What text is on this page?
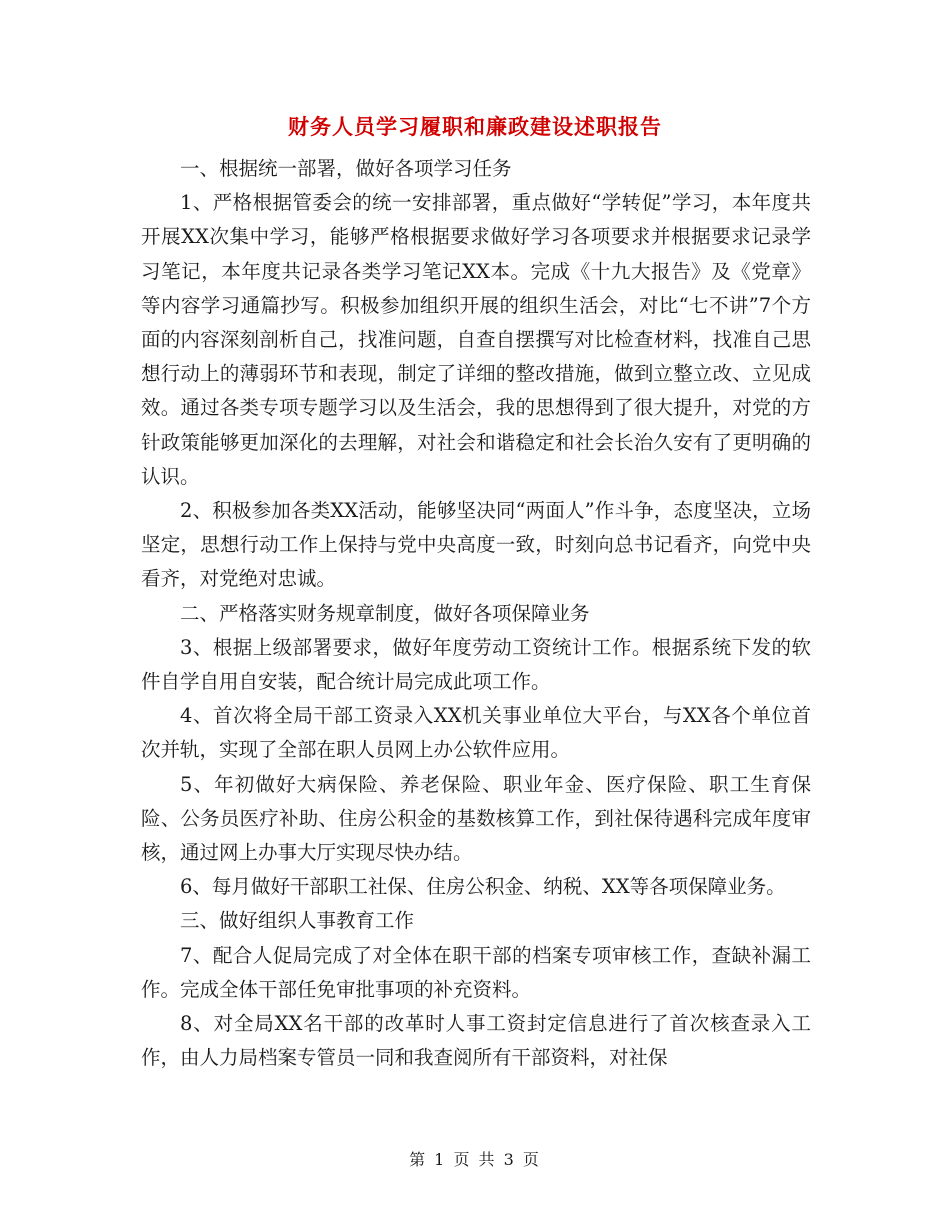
财务人员学习履职和廉政建设述职报告

一、根据统一部署，做好各项学习任务

1、严格根据管委会的统一安排部署，重点做好“学转促”学习，本年度共开展XX次集中学习，能够严格根据要求做好学习各项要求并根据要求记录学习笔记，本年度共记录各类学习笔记XX本。完成《十九大报告》及《党章》等内容学习通篇抄写。积极参加组织开展的组织生活会，对比“七不讲”7个方面的内容深刻剖析自己，找准问题，自查自摆撰写对比检查材料，找准自己思想行动上的薄弱环节和表现，制定了详细的整改措施，做到立整立改、立见成效。通过各类专项专题学习以及生活会，我的思想得到了很大提升，对党的方针政策能够更加深化的去理解，对社会和谐稳定和社会长治久安有了更明确的认识。

2、积极参加各类XX活动，能够坚决同“两面人”作斗争，态度坚决，立场坚定，思想行动工作上保持与党中央高度一致，时刻向总书记看齐，向党中央看齐，对党绝对忠诚。

二、严格落实财务规章制度，做好各项保障业务

3、根据上级部署要求，做好年度劳动工资统计工作。根据系统下发的软件自学自用自安装，配合统计局完成此项工作。

4、首次将全局干部工资录入XX机关事业单位大平台，与XX各个单位首次并轨，实现了全部在职人员网上办公软件应用。

5、年初做好大病保险、养老保险、职业年金、医疗保险、职工生育保险、公务员医疗补助、住房公积金的基数核算工作，到社保待遇科完成年度审核，通过网上办事大厅实现尽快办结。

6、每月做好干部职工社保、住房公积金、纳税、XX等各项保障业务。

三、做好组织人事教育工作

7、配合人促局完成了对全体在职干部的档案专项审核工作，查缺补漏工作。完成全体干部任免审批事项的补充资料。

8、对全局XX名干部的改革时人事工资封定信息进行了首次核查录入工作，由人力局档案专管员一同和我查阅所有干部资料，对社保

第 1 页 共 3 页
